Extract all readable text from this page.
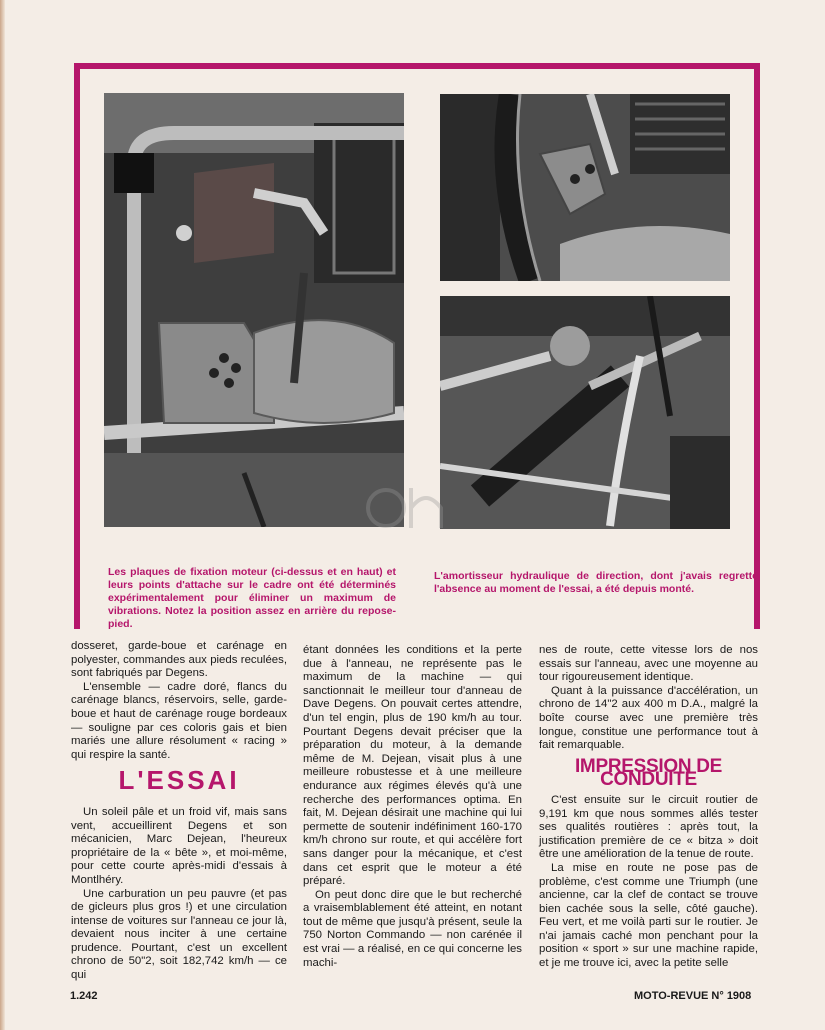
Les plaques de fixation moteur (ci-dessus et en haut) et leurs points d'attache sur le cadre ont été déterminés expérimentalement pour éliminer un maximum de vibrations. Notez la position assez en arrière du repose-pied.

L'amortisseur hydraulique de direction, dont j'avais regretté l'absence au moment de l'essai, a été depuis monté.

dosseret, garde-boue et carénage en polyester, commandes aux pieds reculées, sont fabriqués par Degens.

L'ensemble — cadre doré, flancs du carénage blancs, réservoirs, selle, garde-boue et haut de carénage rouge bordeaux — souligne par ces coloris gais et bien mariés une allure résolument « racing » qui respire la santé.

L'ESSAI

Un soleil pâle et un froid vif, mais sans vent, accueillirent Degens et son mécanicien, Marc Dejean, l'heureux propriétaire de la « bête », et moi-même, pour cette courte après-midi d'essais à Montlhéry.

Une carburation un peu pauvre (et pas de gicleurs plus gros !) et une circulation intense de voitures sur l'anneau ce jour là, devaient nous inciter à une certaine prudence. Pourtant, c'est un excellent chrono de 50"2, soit 182,742 km/h — ce qui

étant données les conditions et la perte due à l'anneau, ne représente pas le maximum de la machine — qui sanctionnait le meilleur tour d'anneau de Dave Degens. On pouvait certes attendre, d'un tel engin, plus de 190 km/h au tour. Pourtant Degens devait préciser que la préparation du moteur, à la demande même de M. Dejean, visait plus à une meilleure robustesse et à une meilleure endurance aux régimes élevés qu'à une recherche des performances optima. En fait, M. Dejean désirait une machine qui lui permette de soutenir indéfiniment 160-170 km/h chrono sur route, et qui accélère fort sans danger pour la mécanique, et c'est dans cet esprit que le moteur a été préparé.

On peut donc dire que le but recherché a vraisemblablement été atteint, en notant tout de même que jusqu'à présent, seule la 750 Norton Commando — non carénée il est vrai — a réalisé, en ce qui concerne les machi-

nes de route, cette vitesse lors de nos essais sur l'anneau, avec une moyenne au tour rigoureusement identique.

Quant à la puissance d'accélération, un chrono de 14"2 aux 400 m D.A., malgré la boîte course avec une première très longue, constitue une performance tout à fait remarquable.

IMPRESSION DE CONDUITE

C'est ensuite sur le circuit routier de 9,191 km que nous sommes allés tester ses qualités routières : après tout, la justification première de ce « bitza » doit être une amélioration de la tenue de route.

La mise en route ne pose pas de problème, c'est comme une Triumph (une ancienne, car la clef de contact se trouve bien cachée sous la selle, côté gauche). Feu vert, et me voilà parti sur le routier. Je n'ai jamais caché mon penchant pour la position « sport » sur une machine rapide, et je me trouve ici, avec la petite selle

1.242	MOTO-REVUE N° 1908
